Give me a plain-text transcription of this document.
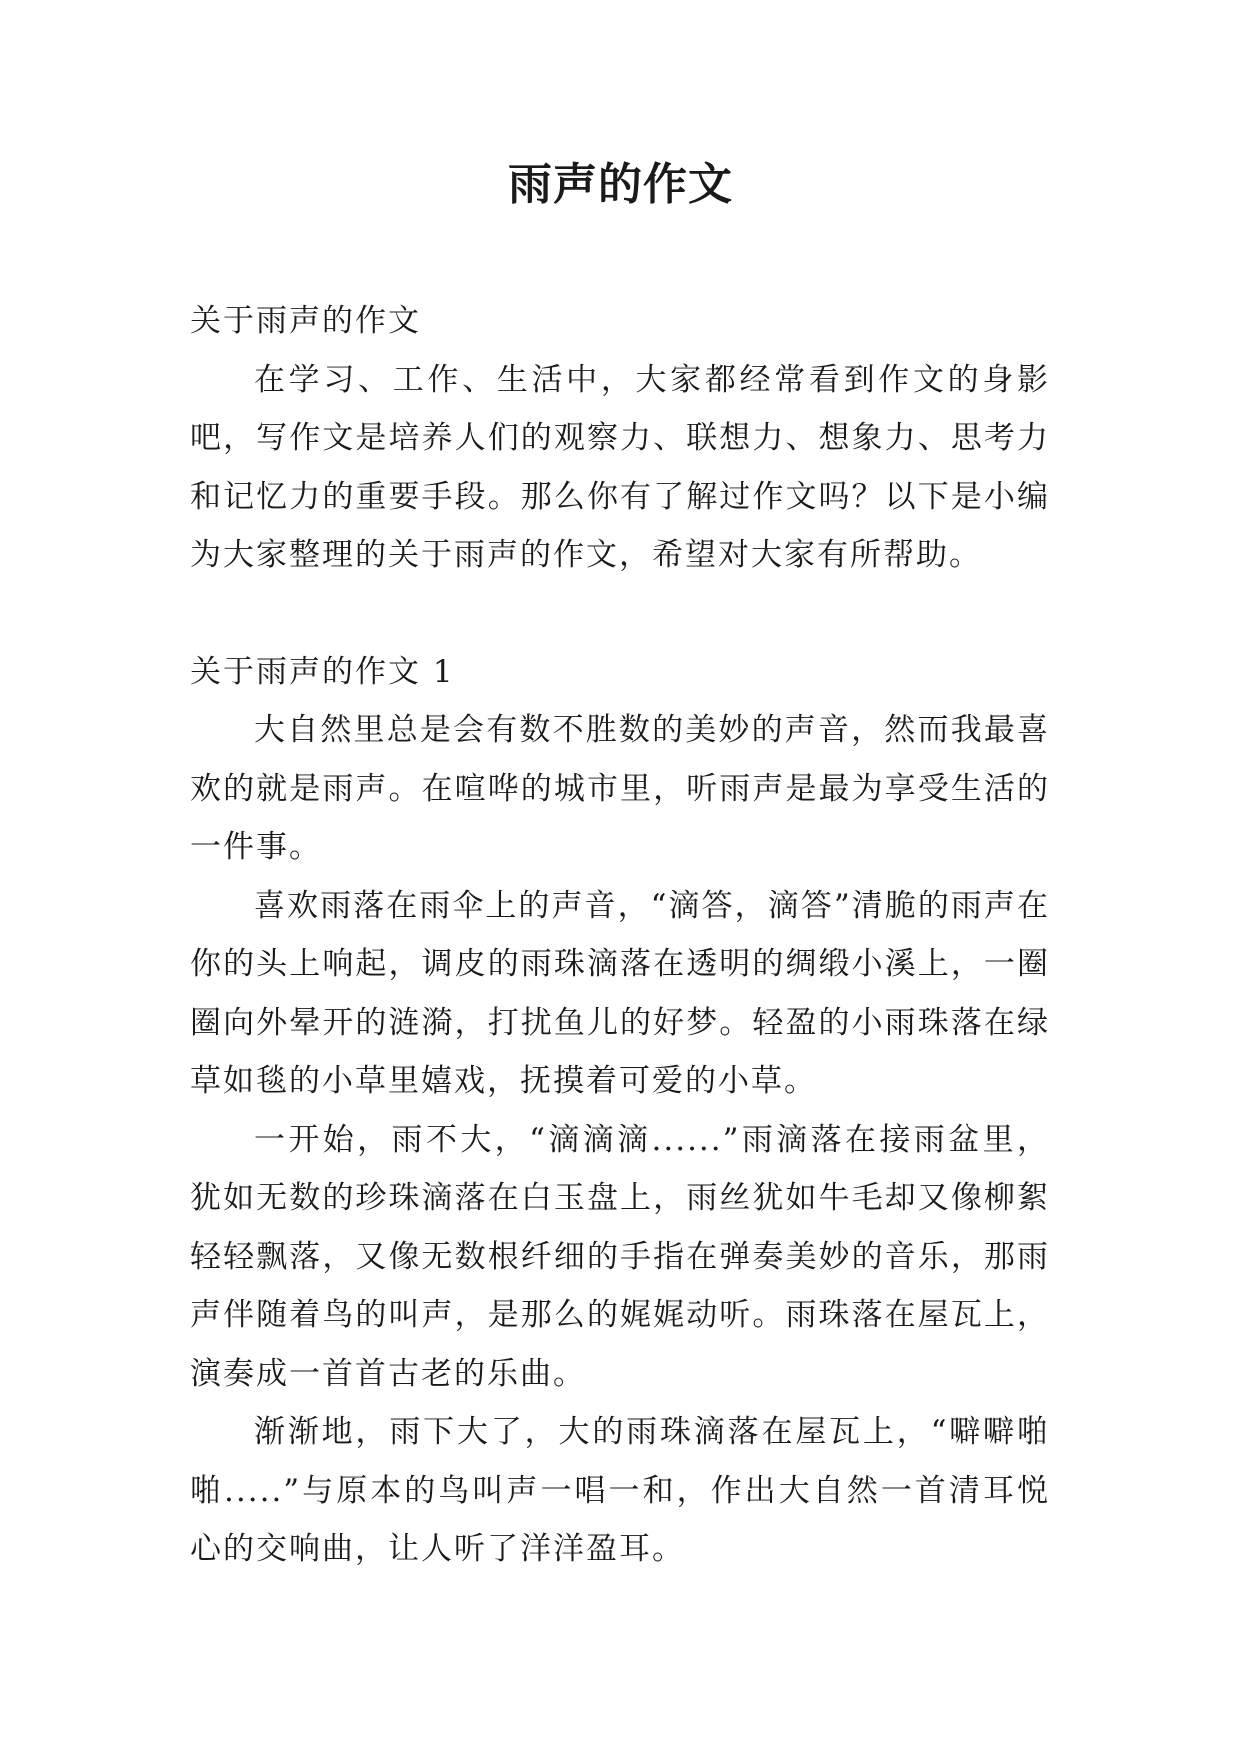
雨声的作文

关于雨声的作文

在学习、工作、生活中，大家都经常看到作文的身影吧，写作文是培养人们的观察力、联想力、想象力、思考力和记忆力的重要手段。那么你有了解过作文吗？以下是小编为大家整理的关于雨声的作文，希望对大家有所帮助。

关于雨声的作文 1

大自然里总是会有数不胜数的美妙的声音，然而我最喜欢的就是雨声。在喧哗的城市里，听雨声是最为享受生活的一件事。

喜欢雨落在雨伞上的声音，“滴答，滴答”清脆的雨声在你的头上响起，调皮的雨珠滴落在透明的绸缎小溪上，一圈圈向外晕开的涟漪，打扰鱼儿的好梦。轻盈的小雨珠落在绿草如毯的小草里嬉戏，抚摸着可爱的小草。

一开始，雨不大，“滴滴滴......”雨滴落在接雨盆里，犹如无数的珍珠滴落在白玉盘上，雨丝犹如牛毛却又像柳絮轻轻飘落，又像无数根纤细的手指在弹奏美妙的音乐，那雨声伴随着鸟的叫声，是那么的娓娓动听。雨珠落在屋瓦上，演奏成一首首古老的乐曲。

渐渐地，雨下大了，大的雨珠滴落在屋瓦上，“噼噼啪啪.....”与原本的鸟叫声一唱一和，作出大自然一首清耳悦心的交响曲，让人听了洋洋盈耳。
